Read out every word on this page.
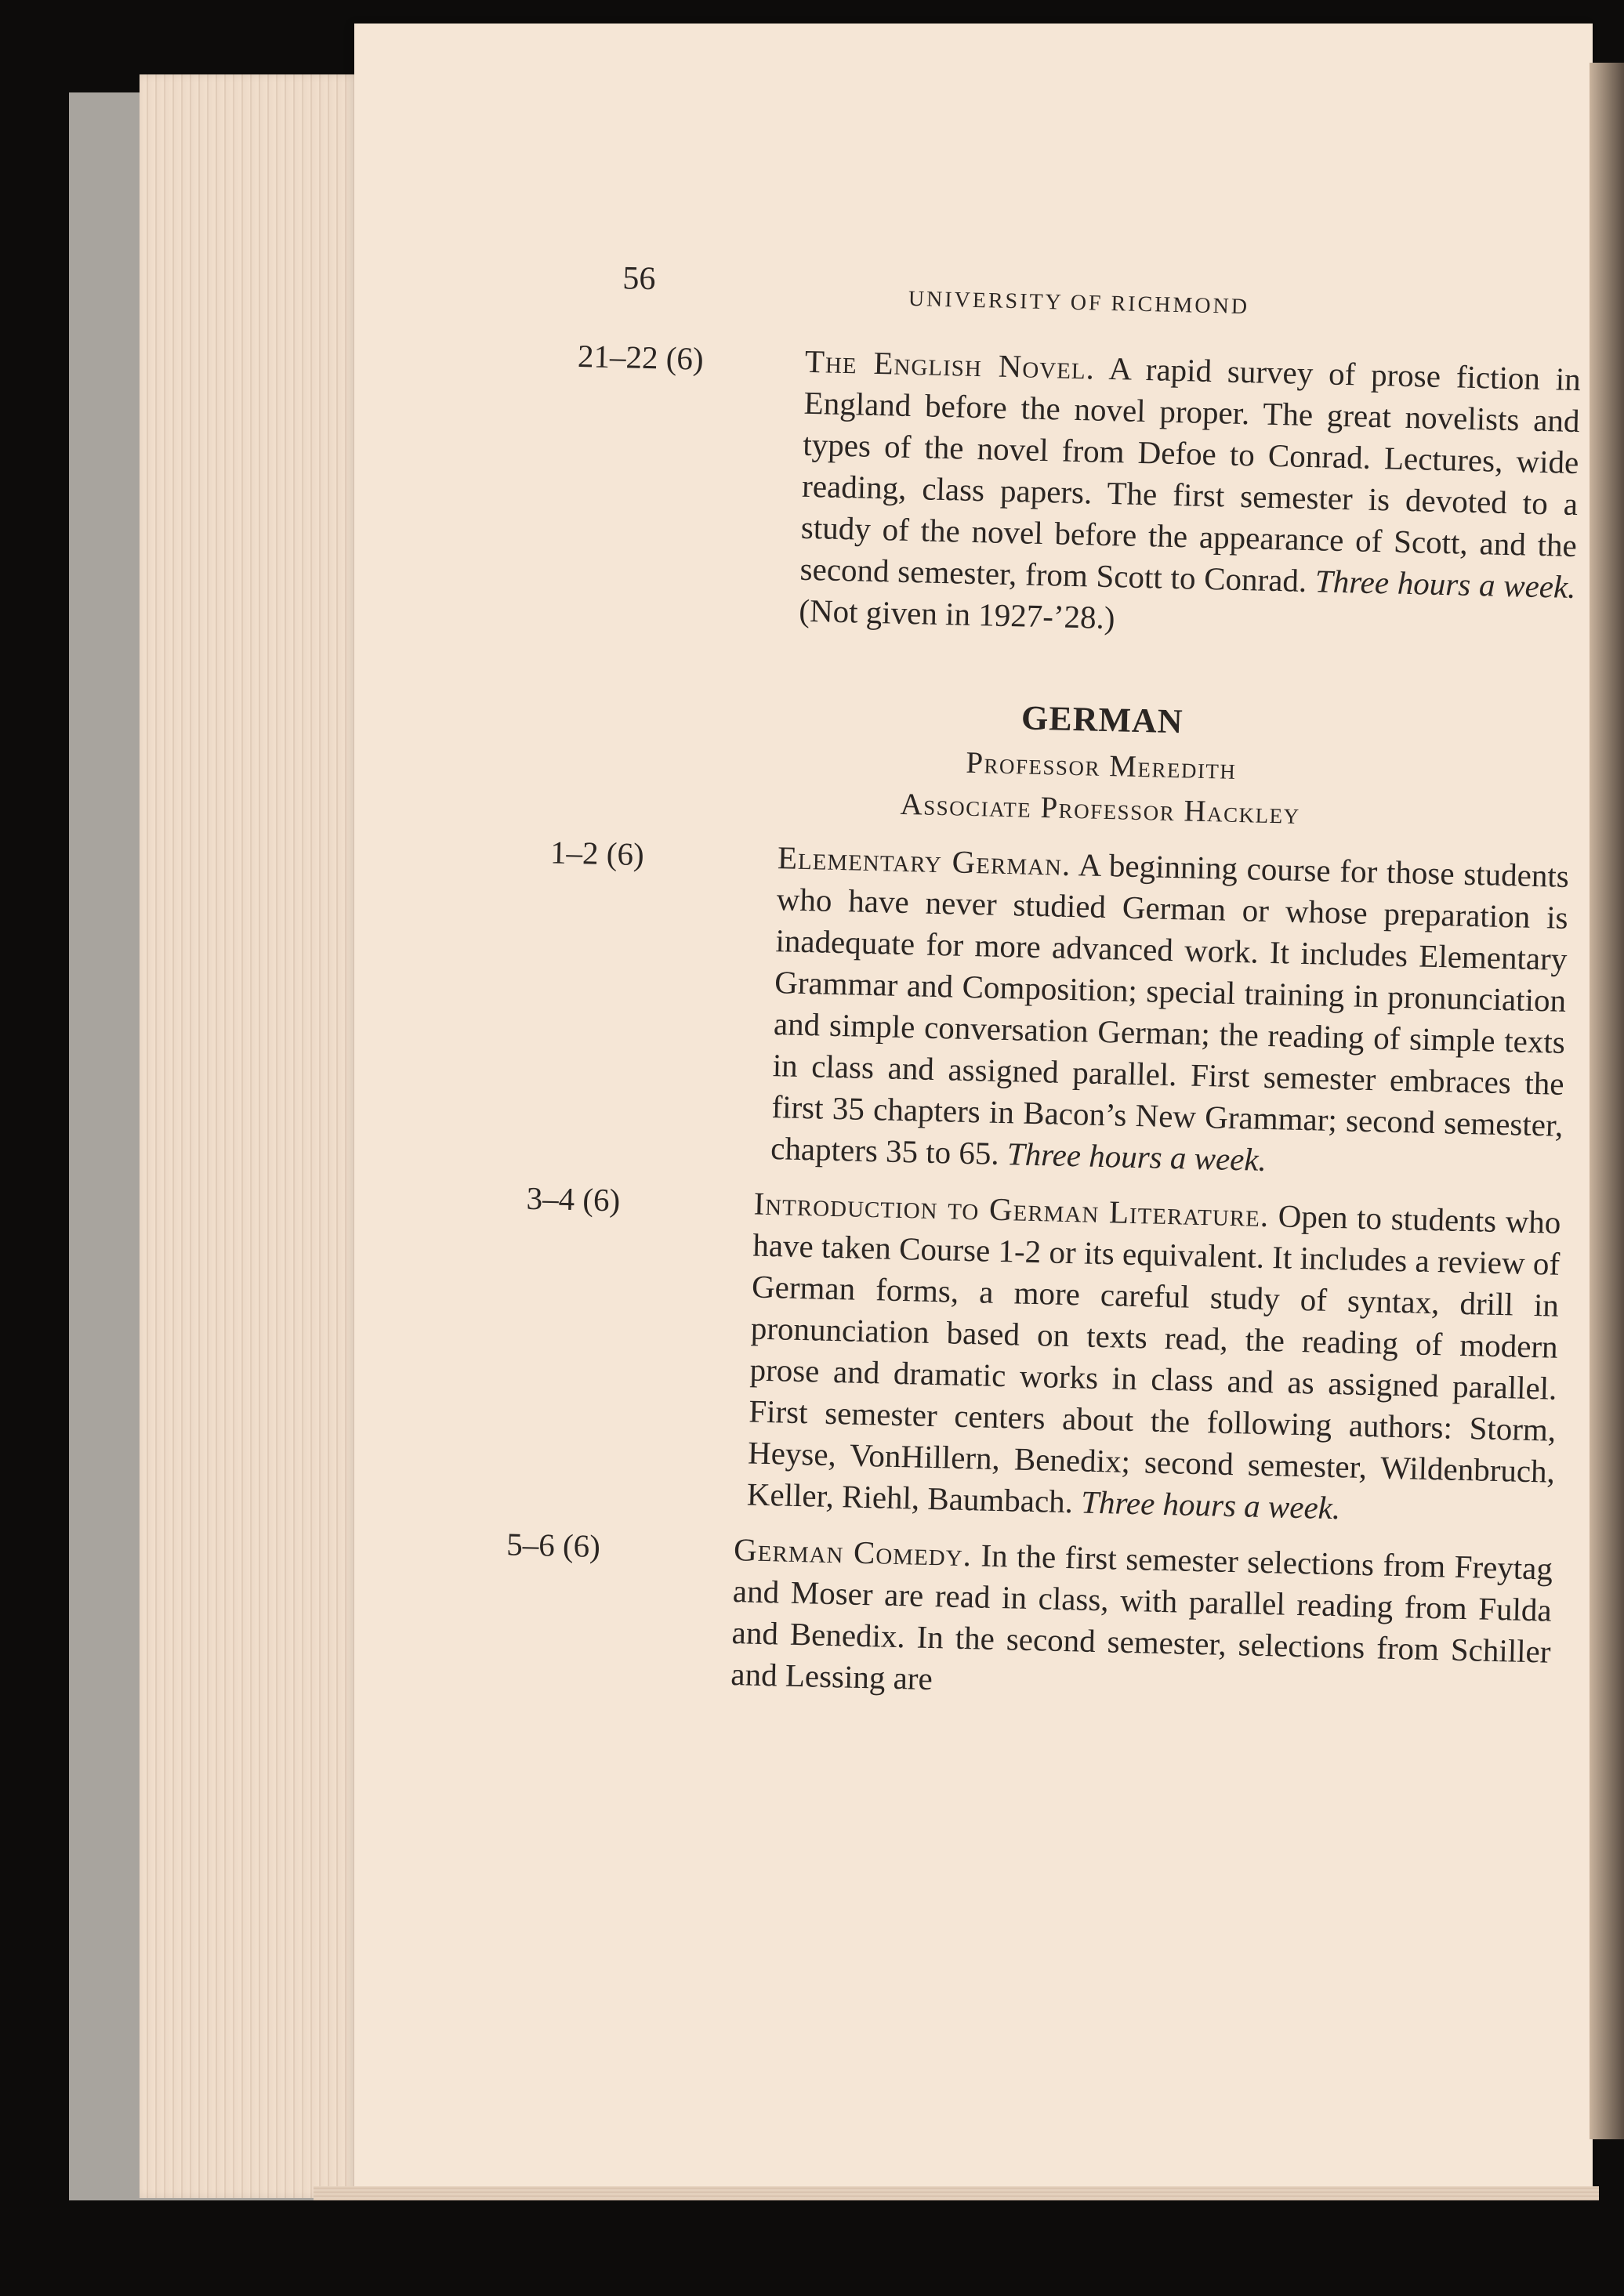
56
UNIVERSITY OF RICHMOND
21–22 (6)	The English Novel. A rapid survey of prose fiction in England before the novel proper. The great novelists and types of the novel from Defoe to Conrad. Lectures, wide reading, class papers. The first semester is devoted to a study of the novel before the appearance of Scott, and the second semester, from Scott to Conrad. Three hours a week. (Not given in 1927-’28.)
GERMAN
Professor Meredith
Associate Professor Hackley
1–2 (6)	Elementary German. A beginning course for those students who have never studied German or whose preparation is inadequate for more advanced work. It includes Elementary Grammar and Composition; special training in pronunciation and simple conversation German; the reading of simple texts in class and assigned parallel. First semester embraces the first 35 chapters in Bacon’s New Grammar; second semester, chapters 35 to 65. Three hours a week.
3–4 (6)	Introduction to German Literature. Open to students who have taken Course 1-2 or its equivalent. It includes a review of German forms, a more careful study of syntax, drill in pronunciation based on texts read, the reading of modern prose and dramatic works in class and as assigned parallel. First semester centers about the following authors: Storm, Heyse, VonHillern, Benedix; second semester, Wildenbruch, Keller, Riehl, Baumbach. Three hours a week.
5–6 (6)	German Comedy. In the first semester selections from Freytag and Moser are read in class, with parallel reading from Fulda and Benedix. In the second semester, selections from Schiller and Lessing are
